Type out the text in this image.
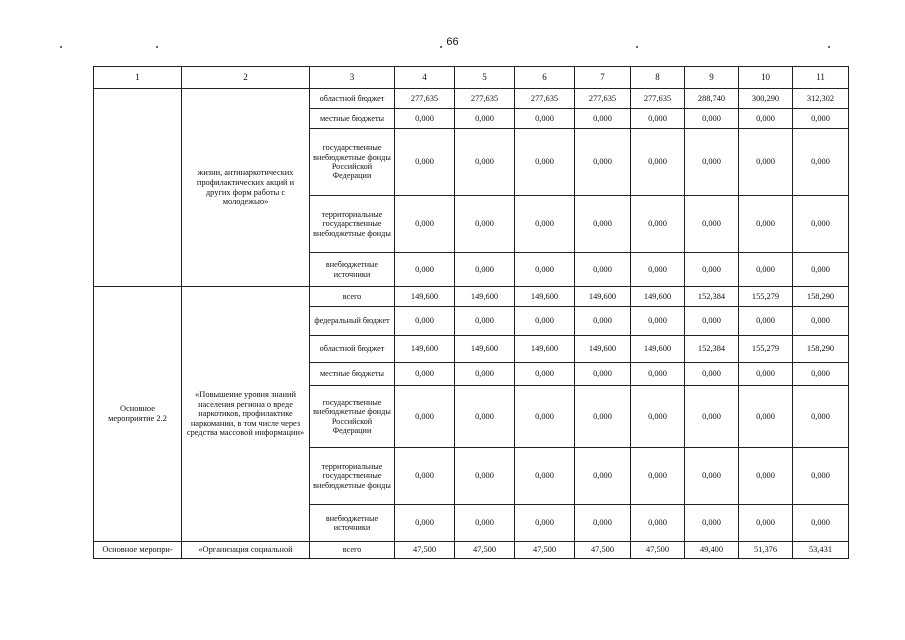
66
1	2	3	4	5	6	7	8	9	10	11
	жизни, антинаркотических профилактических акций и других форм работы с молодежью»	областной бюджет	277,635	277,635	277,635	277,635	277,635	288,740	300,290	312,302
		местные бюджеты	0,000	0,000	0,000	0,000	0,000	0,000	0,000	0,000
		государственные внебюджетные фонды Российской Федерации	0,000	0,000	0,000	0,000	0,000	0,000	0,000	0,000
		территориальные государственные внебюджетные фонды	0,000	0,000	0,000	0,000	0,000	0,000	0,000	0,000
		внебюджетные источники	0,000	0,000	0,000	0,000	0,000	0,000	0,000	0,000
Основное мероприятие 2.2	«Повышение уровня знаний населения региона о вреде наркотиков, профилактике наркомании, в том числе через средства массовой информации»	всего	149,600	149,600	149,600	149,600	149,600	152,384	155,279	158,290
		федеральный бюджет	0,000	0,000	0,000	0,000	0,000	0,000	0,000	0,000
		областной бюджет	149,600	149,600	149,600	149,600	149,600	152,384	155,279	158,290
		местные бюджеты	0,000	0,000	0,000	0,000	0,000	0,000	0,000	0,000
		государственные внебюджетные фонды Российской Федерации	0,000	0,000	0,000	0,000	0,000	0,000	0,000	0,000
		территориальные государственные внебюджетные фонды	0,000	0,000	0,000	0,000	0,000	0,000	0,000	0,000
		внебюджетные источники	0,000	0,000	0,000	0,000	0,000	0,000	0,000	0,000
Основное меропри-	«Организация социальной	всего	47,500	47,500	47,500	47,500	47,500	49,400	51,376	53,431
